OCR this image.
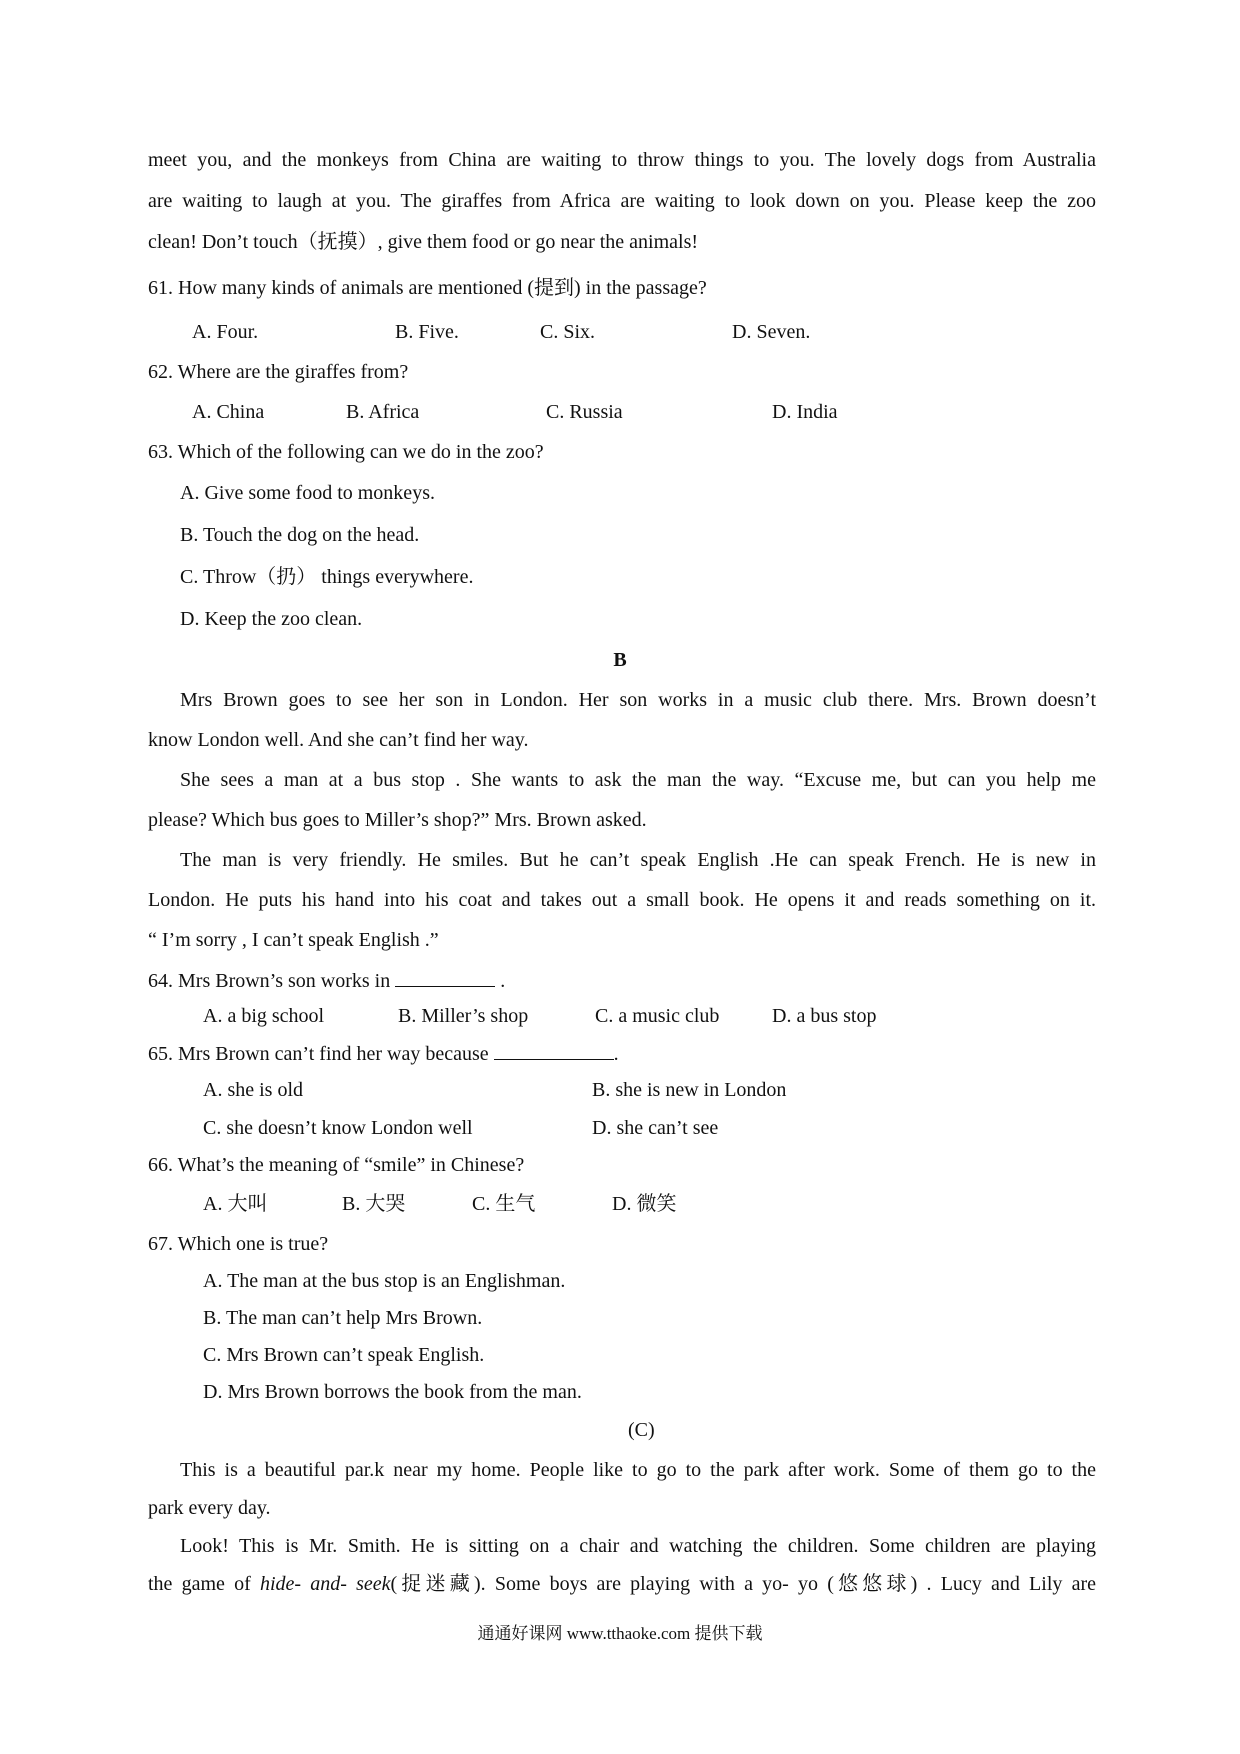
meet you, and the monkeys from China are waiting to throw things to you. The lovely dogs from Australia
are waiting to laugh at you. The giraffes from Africa are waiting to look down on you. Please keep the zoo
clean! Don’t touch（抚摸）, give them food or go near the animals!
61. How many kinds of animals are mentioned (提到) in the passage?
A. Four.	B. Five.	C. Six.	D. Seven.
62. Where are the giraffes from?
A. China	B. Africa	C. Russia	D. India
63. Which of the following can we do in the zoo?
A. Give some food to monkeys.
B. Touch the dog on the head.
C. Throw（扔） things everywhere.
D. Keep the zoo clean.
B
Mrs Brown goes to see her son in London. Her son works in a music club there. Mrs. Brown doesn’t
know London well. And she can’t find her way.
She sees a man at a bus stop . She wants to ask the man the way. “Excuse me, but can you help me
please? Which bus goes to Miller’s shop?” Mrs. Brown asked.
The man is very friendly. He smiles. But he can’t speak English .He can speak French. He is new in
London. He puts his hand into his coat and takes out a small book. He opens it and reads something on it.
“ I’m sorry , I can’t speak English .”
64. Mrs Brown’s son works in	.
A. a big school	B. Miller’s shop	C. a music club	D. a bus stop
65. Mrs Brown can’t find her way because	.
A. she is old	B. she is new in London
C. she doesn’t know London well	D. she can’t see
66. What’s the meaning of “smile” in Chinese?
A. 大叫	B. 大哭	C. 生气	D. 微笑
67. Which one is true?
A. The man at the bus stop is an Englishman.
B. The man can’t help Mrs Brown.
C. Mrs Brown can’t speak English.
D. Mrs Brown borrows the book from the man.
(C)
This is a beautiful par.k near my home. People like to go to the park after work. Some of them go to the
park every day.
Look! This is Mr. Smith. He is sitting on a chair and watching the children. Some children are playing
the game of hide- and- seek(捉迷藏). Some boys are playing with a yo- yo (悠悠球) . Lucy and Lily are
通通好课网 www.tthaoke.com 提供下载
